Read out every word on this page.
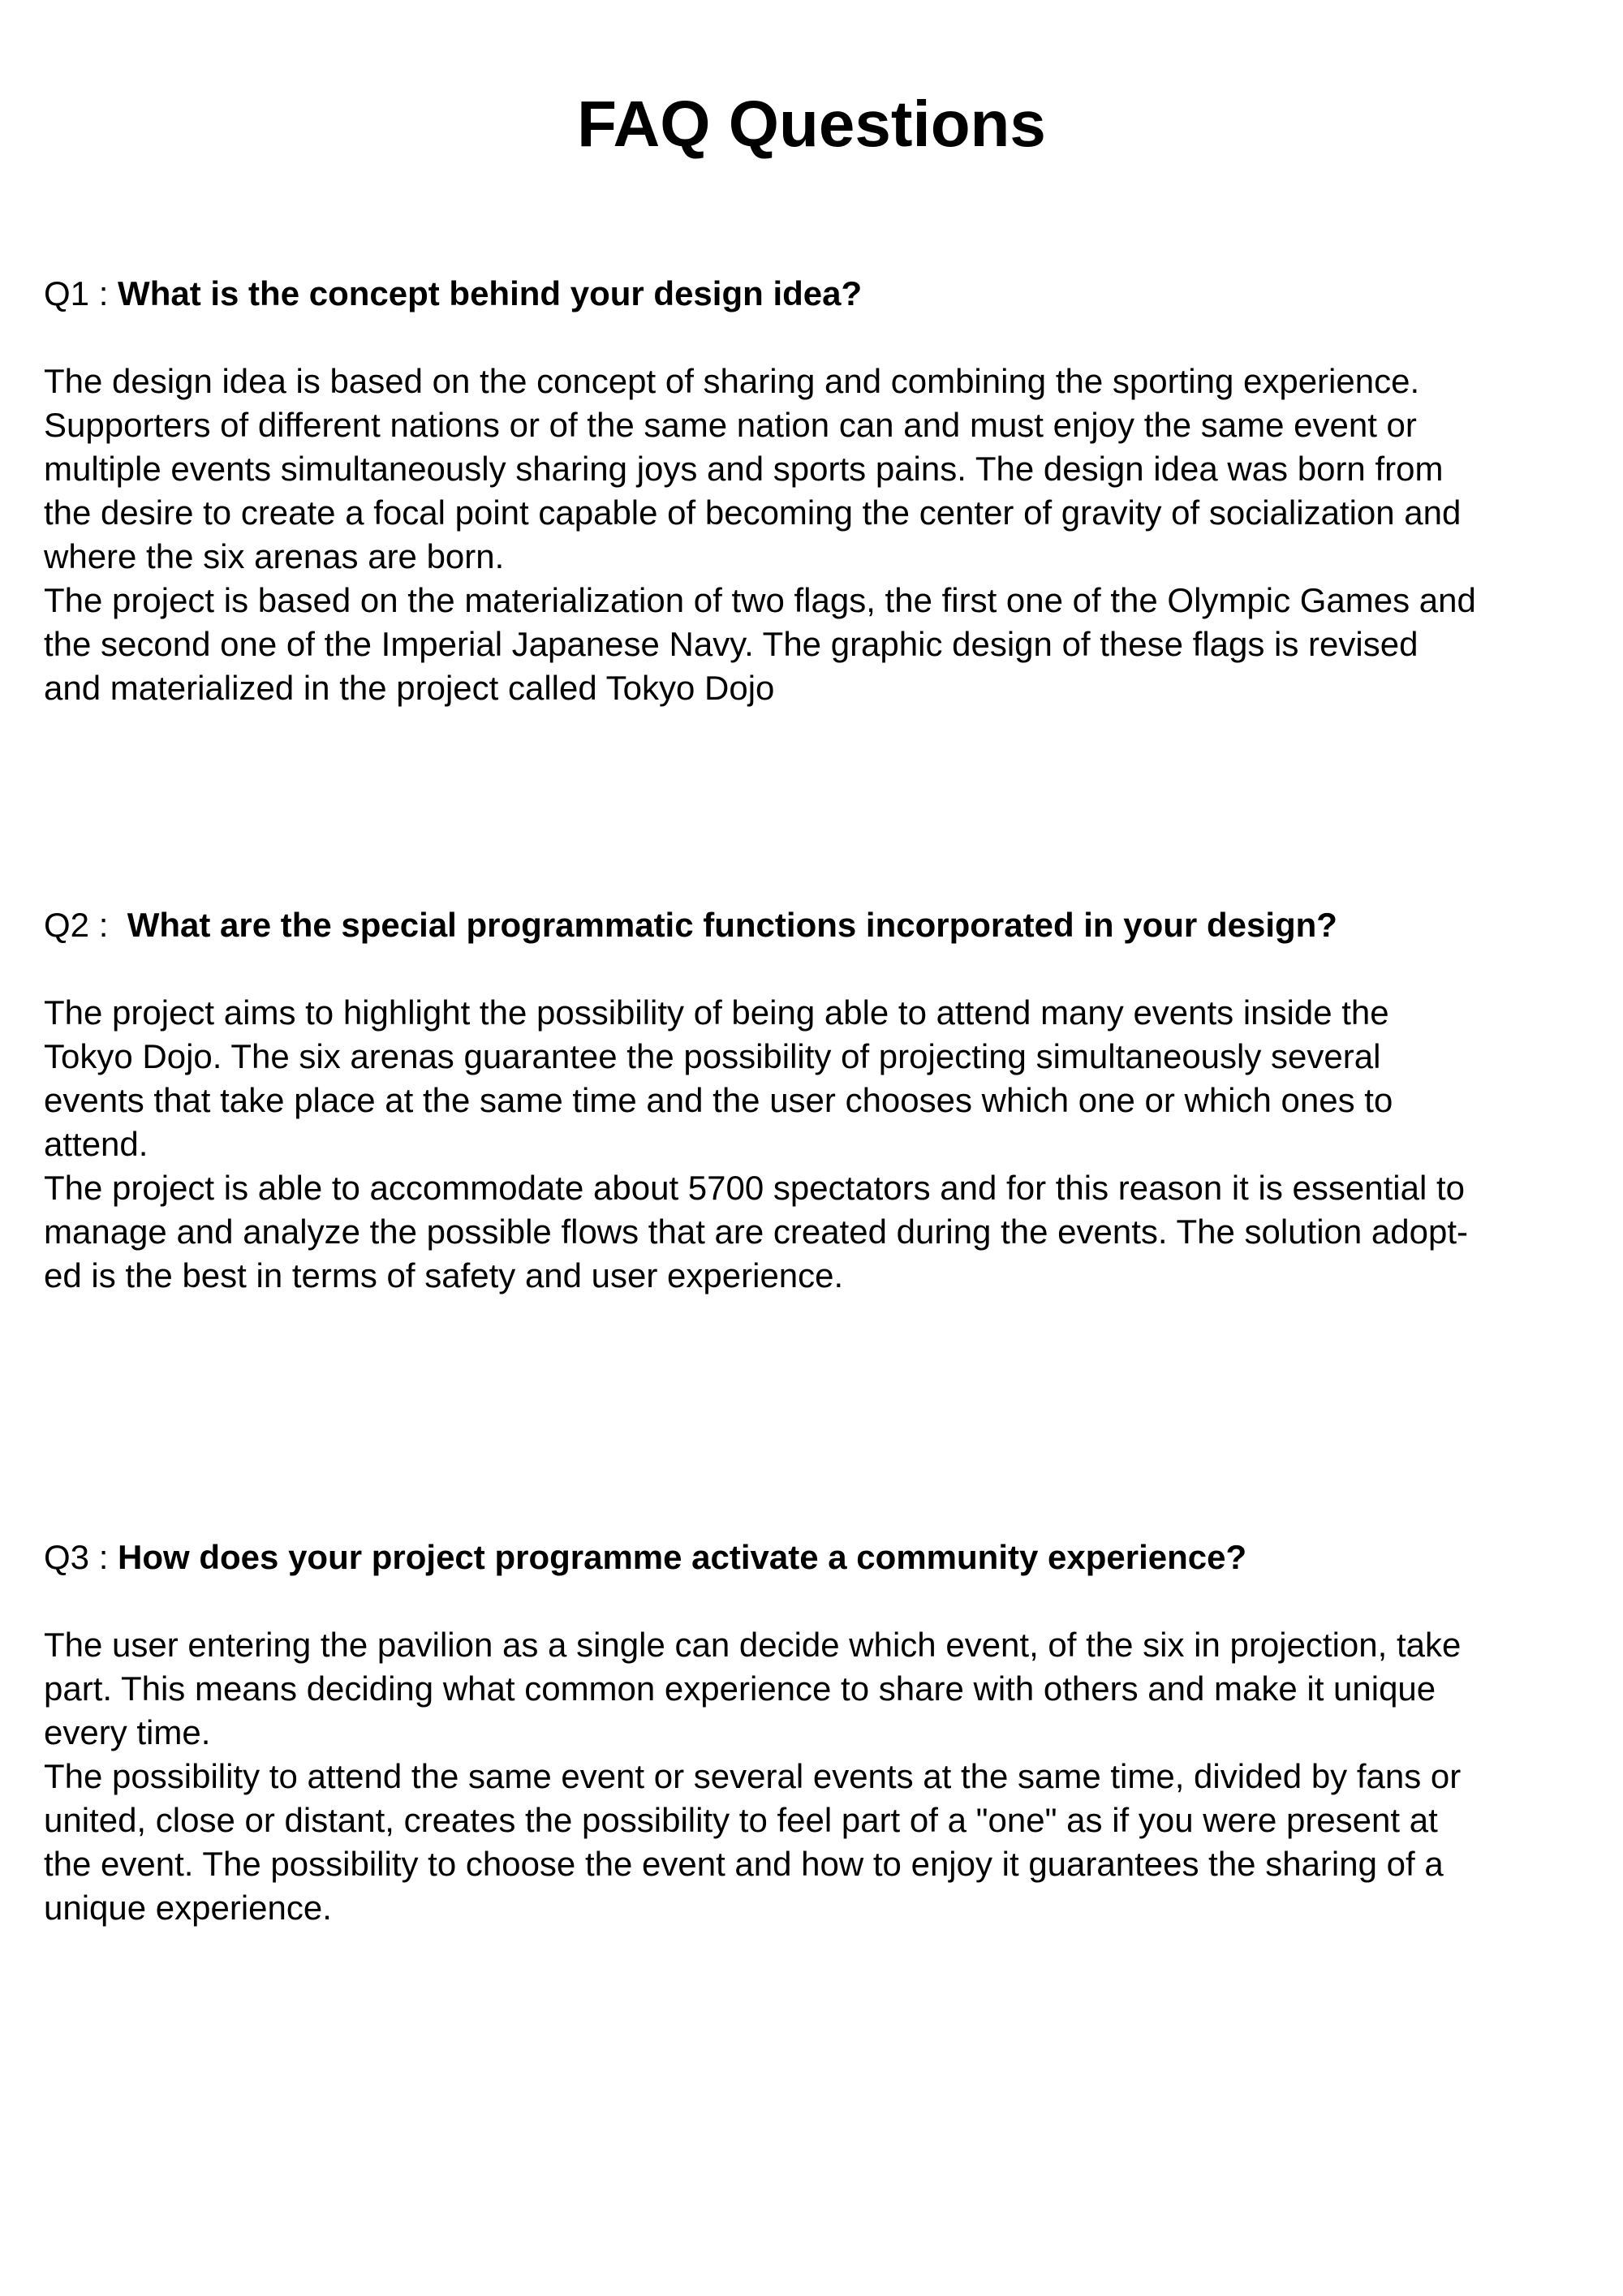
FAQ Questions

Q1 : What is the concept behind your design idea?

The design idea is based on the concept of sharing and combining the sporting experience.
Supporters of different nations or of the same nation can and must enjoy the same event or
multiple events simultaneously sharing joys and sports pains. The design idea was born from
the desire to create a focal point capable of becoming the center of gravity of socialization and
where the six arenas are born.
The project is based on the materialization of two flags, the first one of the Olympic Games and
the second one of the Imperial Japanese Navy. The graphic design of these flags is revised
and materialized in the project called Tokyo Dojo

Q2 :  What are the special programmatic functions incorporated in your design?

The project aims to highlight the possibility of being able to attend many events inside the
Tokyo Dojo. The six arenas guarantee the possibility of projecting simultaneously several
events that take place at the same time and the user chooses which one or which ones to
attend.
The project is able to accommodate about 5700 spectators and for this reason it is essential to
manage and analyze the possible flows that are created during the events. The solution adopt-
ed is the best in terms of safety and user experience.

Q3 : How does your project programme activate a community experience?

The user entering the pavilion as a single can decide which event, of the six in projection, take
part. This means deciding what common experience to share with others and make it unique
every time.
The possibility to attend the same event or several events at the same time, divided by fans or
united, close or distant, creates the possibility to feel part of a "one" as if you were present at
the event. The possibility to choose the event and how to enjoy it guarantees the sharing of a
unique experience.
